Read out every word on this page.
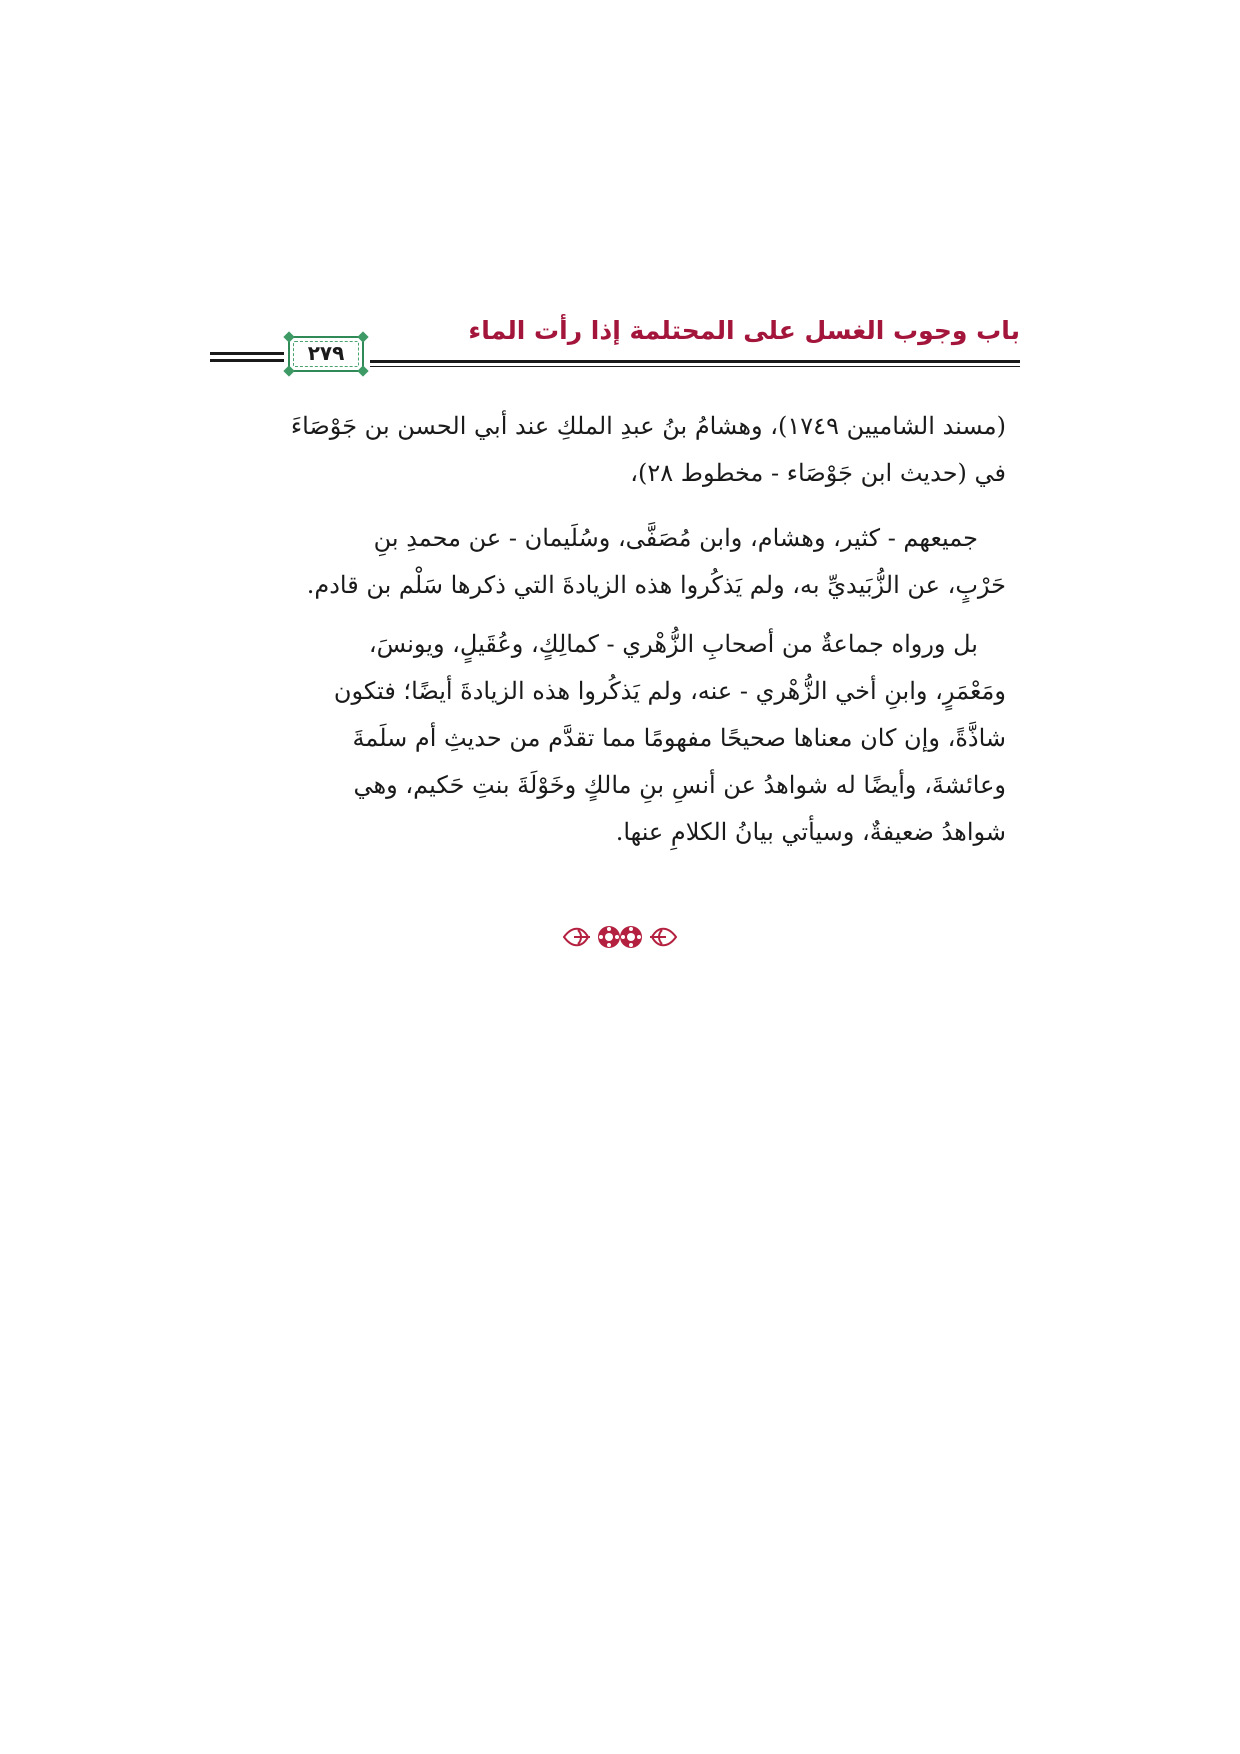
باب وجوب الغسل على المحتلمة إذا رأت الماء
٢٧٩

(مسند الشاميين ١٧٤٩)، وهشامُ بنُ عبدِ الملكِ عند أبي الحسن بن جَوْصَاءَ

في (حديث ابن جَوْصَاء - مخطوط ٢٨)،

جميعهم - كثير، وهشام، وابن مُصَفَّى، وسُلَيمان - عن محمدِ بنِ

حَرْبٍ، عن الزُّبَيديِّ به، ولم يَذكُروا هذه الزيادةَ التي ذكرها سَلْم بن قادم.

بل ورواه جماعةٌ من أصحابِ الزُّهْري - كمالِكٍ، وعُقَيلٍ، ويونسَ،

ومَعْمَرٍ، وابنِ أخي الزُّهْري - عنه، ولم يَذكُروا هذه الزيادةَ أيضًا؛ فتكون

شاذَّةً، وإن كان معناها صحيحًا مفهومًا مما تقدَّم من حديثِ أم سلَمةَ

وعائشةَ، وأيضًا له شواهدُ عن أنسِ بنِ مالكٍ وخَوْلَةَ بنتِ حَكيم، وهي

شواهدُ ضعيفةٌ، وسيأتي بيانُ الكلامِ عنها.
